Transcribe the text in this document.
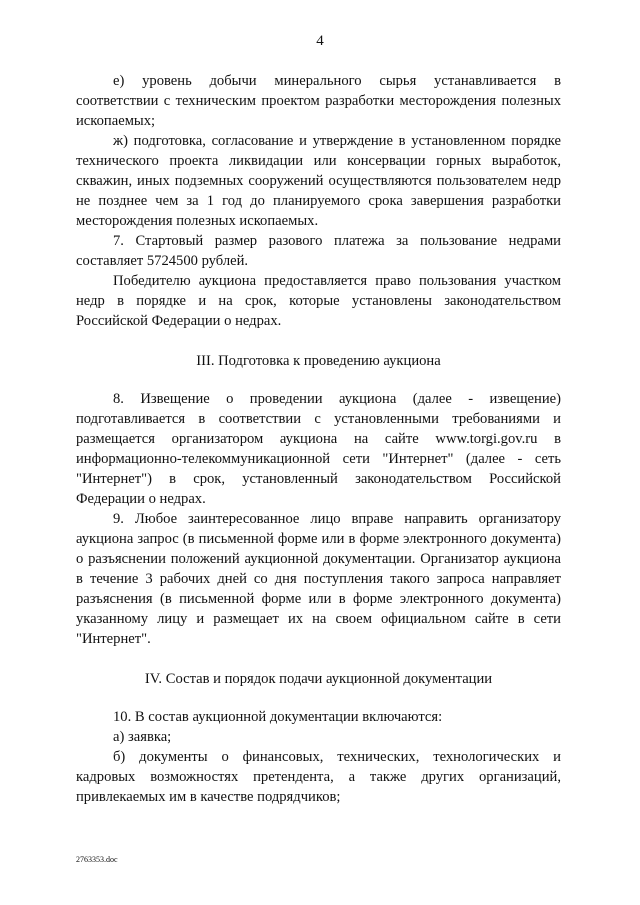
4

е) уровень добычи минерального сырья устанавливается в соответствии с техническим проектом разработки месторождения полезных ископаемых;

ж) подготовка, согласование и утверждение в установленном порядке технического проекта ликвидации или консервации горных выработок, скважин, иных подземных сооружений осуществляются пользователем недр не позднее чем за 1 год до планируемого срока завершения разработки месторождения полезных ископаемых.

7. Стартовый размер разового платежа за пользование недрами составляет 5724500 рублей.

Победителю аукциона предоставляется право пользования участком недр в порядке и на срок, которые установлены законодательством Российской Федерации о недрах.

III. Подготовка к проведению аукциона

8. Извещение о проведении аукциона (далее - извещение) подготавливается в соответствии с установленными требованиями и размещается организатором аукциона на сайте www.torgi.gov.ru в информационно-телекоммуникационной сети "Интернет" (далее - сеть "Интернет") в срок, установленный законодательством Российской Федерации о недрах.

9. Любое заинтересованное лицо вправе направить организатору аукциона запрос (в письменной форме или в форме электронного документа) о разъяснении положений аукционной документации. Организатор аукциона в течение 3 рабочих дней со дня поступления такого запроса направляет разъяснения (в письменной форме или в форме электронного документа) указанному лицу и размещает их на своем официальном сайте в сети "Интернет".

IV. Состав и порядок подачи аукционной документации

10. В состав аукционной документации включаются:

а) заявка;

б) документы о финансовых, технических, технологических и кадровых возможностях претендента, а также других организаций, привлекаемых им в качестве подрядчиков;

2763353.doc
